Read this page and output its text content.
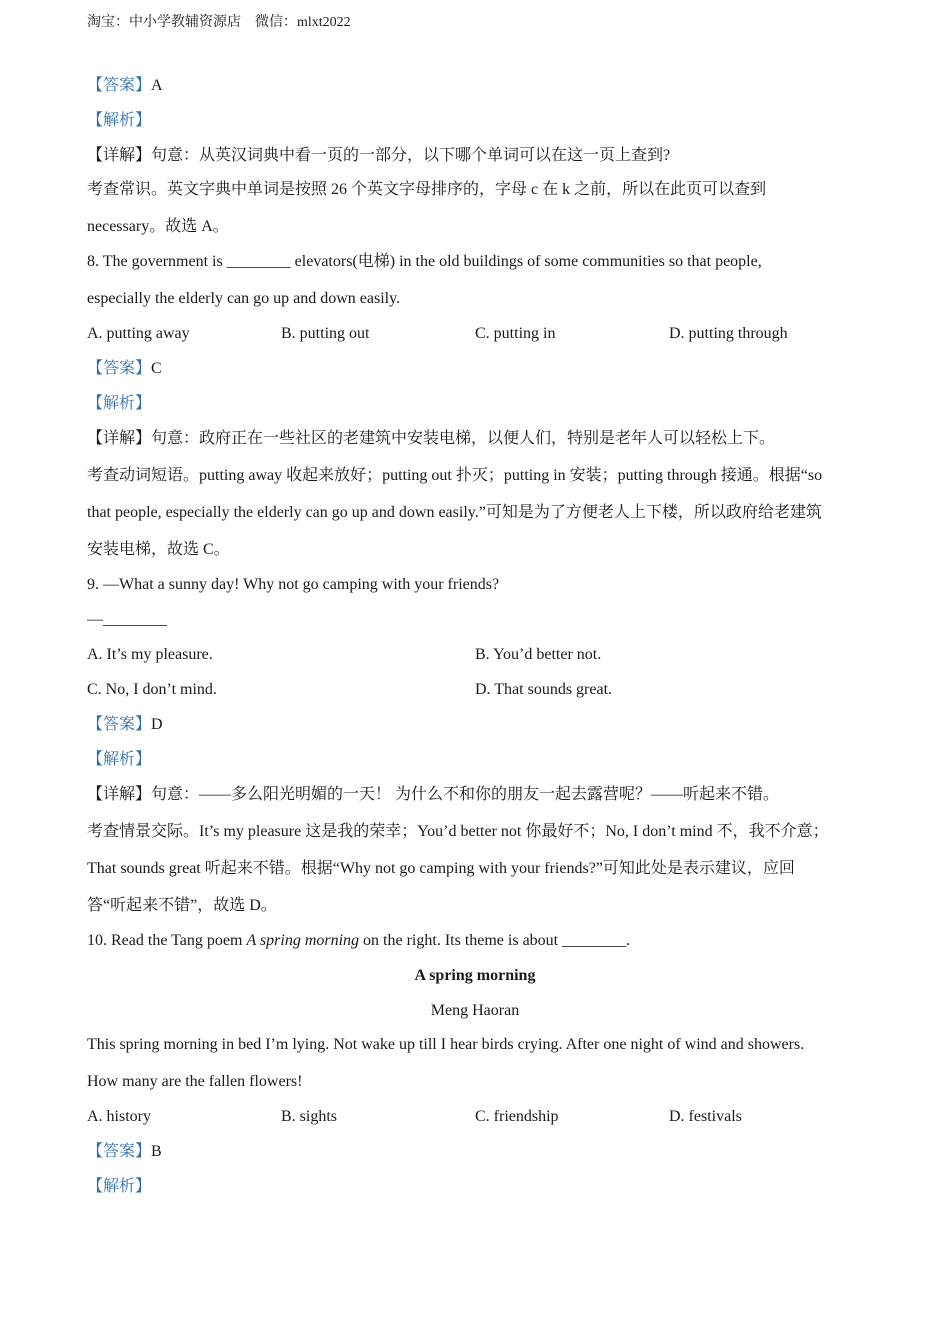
淘宝：中小学教辅资源店 微信：mlxt2022
【答案】A
【解析】
【详解】句意：从英汉词典中看一页的一部分，以下哪个单词可以在这一页上查到?
考查常识。英文字典中单词是按照 26 个英文字母排序的，字母 c 在 k 之前，所以在此页可以查到
necessary。故选 A。
8. The government is ________ elevators(电梯) in the old buildings of some communities so that people,
especially the elderly can go up and down easily.
A. putting away	B. putting out	C. putting in	D. putting through
【答案】C
【解析】
【详解】句意：政府正在一些社区的老建筑中安装电梯，以便人们，特别是老年人可以轻松上下。
考查动词短语。putting away 收起来放好；putting out 扑灭；putting in 安装；putting through 接通。根据“so
that people, especially the elderly can go up and down easily.”可知是为了方便老人上下楼，所以政府给老建筑
安装电梯，故选 C。
9. —What a sunny day! Why not go camping with your friends?
—________
A. It’s my pleasure.	B. You’d better not.
C. No, I don’t mind.	D. That sounds great.
【答案】D
【解析】
【详解】句意：——多么阳光明媚的一天！ 为什么不和你的朋友一起去露营呢？——听起来不错。
考查情景交际。It’s my pleasure 这是我的荣幸；You’d better not 你最好不；No, I don’t mind 不，我不介意；
That sounds great 听起来不错。根据“Why not go camping with your friends?”可知此处是表示建议，应回
答“听起来不错”，故选 D。
10. Read the Tang poem A spring morning on the right. Its theme is about ________.
A spring morning
Meng Haoran
This spring morning in bed I’m lying. Not wake up till I hear birds crying. After one night of wind and showers.
How many are the fallen flowers!
A. history	B. sights	C. friendship	D. festivals
【答案】B
【解析】
